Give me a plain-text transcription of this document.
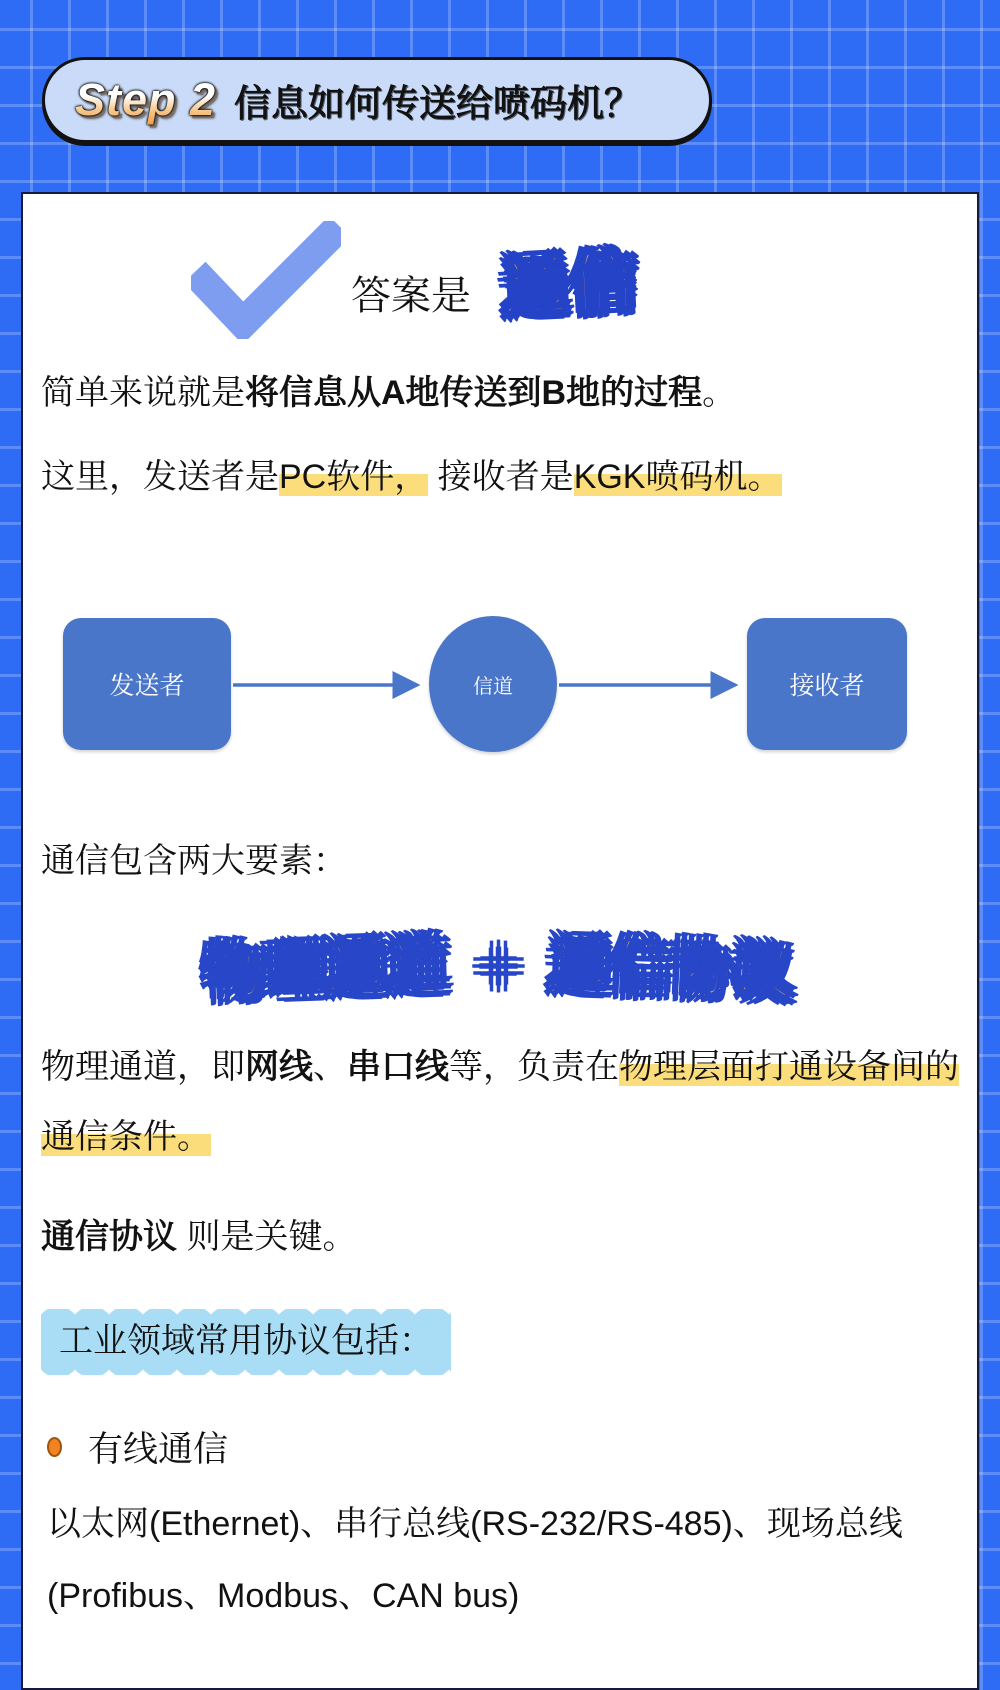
Step 2 信息如何传送给喷码机？
答案是 通信

简单来说就是将信息从A地传送到B地的过程。

这里，发送者是PC软件， 接收者是KGK喷码机。

发送者	信道	接收者

通信包含两大要素：

物理通道 ＋ 通信协议

物理通道，即网线、串口线等，负责在物理层面打通设备间的通信条件。

通信协议 则是关键。

工业领域常用协议包括：

有线通信

以太网(Ethernet)、串行总线(RS-232/RS-485)、现场总线(Profibus、Modbus、CAN bus)
